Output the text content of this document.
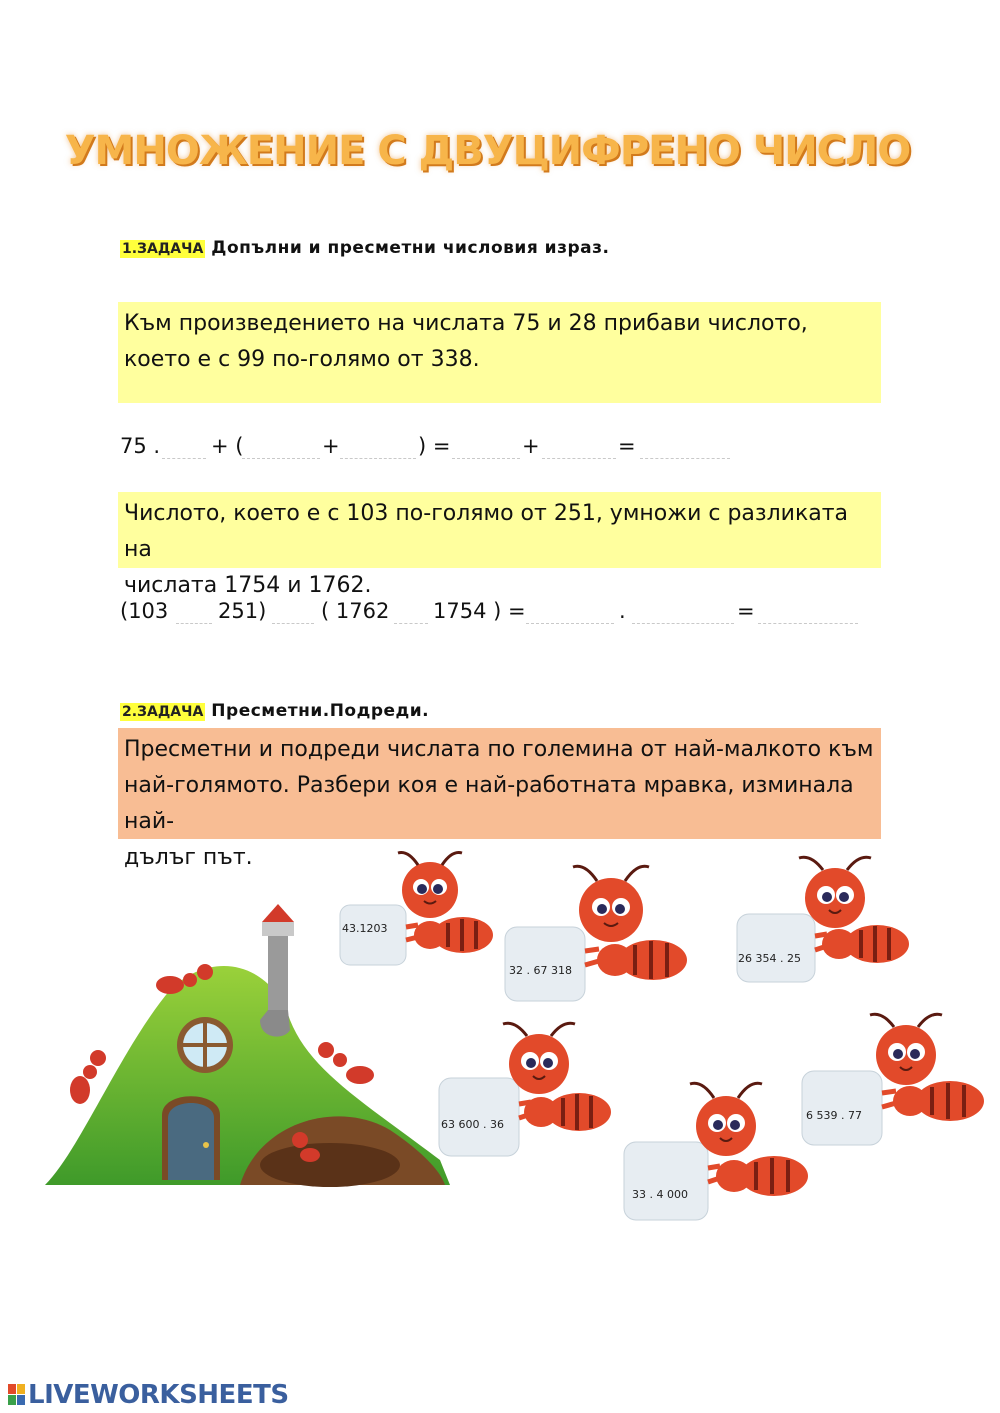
УМНОЖЕНИЕ С ДВУЦИФРЕНО ЧИСЛО
1.ЗАДАЧА Допълни и пресметни числовия израз.
Към произведението на числата 75 и 28 прибави числото,
което е с 99 по-голямо от 338.
75 . + (	+	) =	+	=
Числото, което е с 103 по-голямо от 251, умножи с разликата на
числата 1754 и 1762.
(103 251)	( 1762 1754 ) =	.	=
2.ЗАДАЧА Пресметни.Подреди.
Пресметни и подреди числата по големина от най-малкото към
най-голямото. Разбери коя е най-работната мравка, изминала най-
дълъг път.
43.1203
32 . 67 318
26 354 . 25
63 600 . 36
6 539 . 77
33 . 4 000
LIVEWORKSHEETS
